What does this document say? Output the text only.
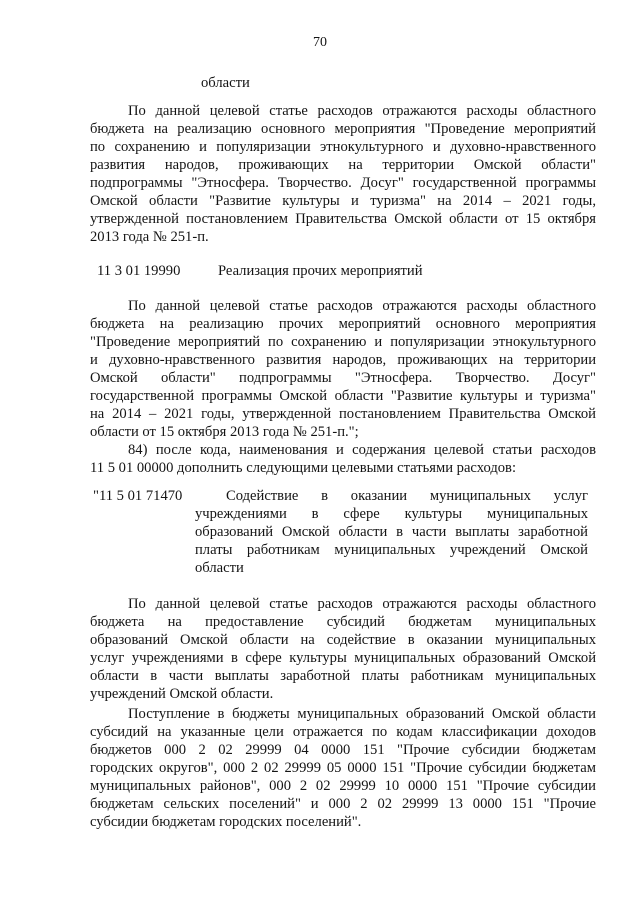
70
области
По данной целевой статье расходов отражаются расходы областного
бюджета на реализацию основного мероприятия "Проведение мероприятий
по сохранению и популяризации этнокультурного и духовно-нравственного
развития народов, проживающих на территории Омской области"
подпрограммы "Этносфера. Творчество. Досуг" государственной программы
Омской области "Развитие культуры и туризма" на 2014 – 2021 годы,
утвержденной постановлением Правительства Омской области от 15 октября
2013 года № 251-п.
11 3 01 19990	Реализация прочих мероприятий
По данной целевой статье расходов отражаются расходы областного
бюджета на реализацию прочих мероприятий основного мероприятия
"Проведение мероприятий по сохранению и популяризации этнокультурного
и духовно-нравственного развития народов, проживающих на территории
Омской области" подпрограммы "Этносфера. Творчество. Досуг"
государственной программы Омской области "Развитие культуры и туризма"
на 2014 – 2021 годы, утвержденной постановлением Правительства Омской
области от 15 октября 2013 года № 251-п.";
84) после кода, наименования и содержания целевой статьи расходов
11 5 01 00000 дополнить следующими целевыми статьями расходов:
"11 5 01 71470	Содействие в оказании муниципальных услуг
учреждениями в сфере культуры муниципальных
образований Омской области в части выплаты заработной
платы работникам муниципальных учреждений Омской
области
По данной целевой статье расходов отражаются расходы областного
бюджета на предоставление субсидий бюджетам муниципальных
образований Омской области на содействие в оказании муниципальных
услуг учреждениями в сфере культуры муниципальных образований Омской
области в части выплаты заработной платы работникам муниципальных
учреждений Омской области.
Поступление в бюджеты муниципальных образований Омской области
субсидий на указанные цели отражается по кодам классификации доходов
бюджетов 000 2 02 29999 04 0000 151 "Прочие субсидии бюджетам
городских округов", 000 2 02 29999 05 0000 151 "Прочие субсидии бюджетам
муниципальных районов", 000 2 02 29999 10 0000 151 "Прочие субсидии
бюджетам сельских поселений" и 000 2 02 29999 13 0000 151 "Прочие
субсидии бюджетам городских поселений".
